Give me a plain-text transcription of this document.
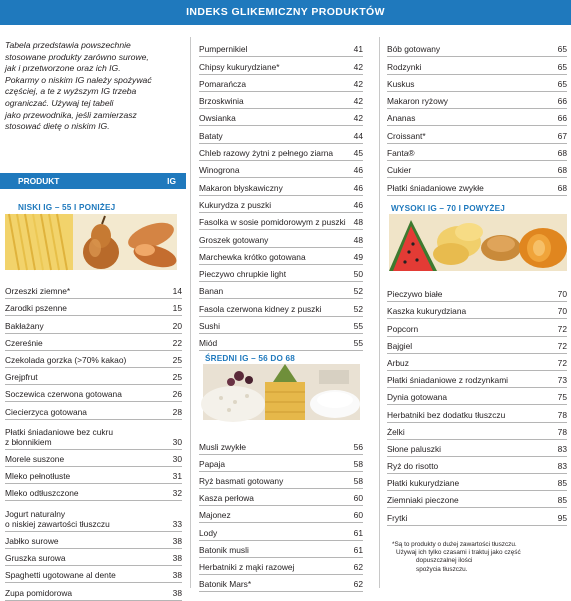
INDEKS GLIKEMICZNY PRODUKTÓW
Tabela przedstawia powszechnie
stosowane produkty zarówno surowe,
jak i przetworzone oraz ich IG.
Pokarmy o niskim IG należy spożywać
częściej, a te z wyższym IG trzeba
ograniczać. Używaj tej tabeli
jako przewodnika, jeśli zamierzasz
stosować dietę o niskim IG.
PRODUKT	IG
NISKI IG – 55 I PONIŻEJ
Orzeszki ziemne*	14
Zarodki pszenne	15
Bakłażany	20
Czereśnie	22
Czekolada gorzka (>70% kakao)	25
Grejpfrut	25
Soczewica czerwona gotowana	26
Ciecierzyca gotowana	28
Płatki śniadaniowe bez cukru
z błonnikiem	30
Morele suszone	30
Mleko pełnotłuste	31
Mleko odtłuszczone	32
Jogurt naturalny
o niskiej zawartości tłuszczu	33
Jabłko surowe	38
Gruszka surowa	38
Spaghetti ugotowane al dente	38
Zupa pomidorowa	38
Pumpernikiel	41
Chipsy kukurydziane*	42
Pomarańcza	42
Brzoskwinia	42
Owsianka	42
Bataty	44
Chleb razowy żytni z pełnego ziarna	45
Winogrona	46
Makaron błyskawiczny	46
Kukurydza z puszki	46
Fasolka w sosie pomidorowym z puszki 48
Groszek gotowany	48
Marchewka krótko gotowana	49
Pieczywo chrupkie light	50
Banan	52
Fasola czerwona kidney z puszki	52
Sushi	55
Miód	55
ŚREDNI IG – 56 DO 68
Musli zwykłe	56
Papaja	58
Ryż basmati gotowany	58
Kasza perłowa	60
Majonez	60
Lody	61
Batonik musli	61
Herbatniki z mąki razowej	62
Batonik Mars*	62
Bób gotowany	65
Rodzynki	65
Kuskus	65
Makaron ryżowy	66
Ananas	66
Croissant*	67
Fanta®	68
Cukier	68
Płatki śniadaniowe zwykłe	68
WYSOKI IG – 70 I POWYŻEJ
Pieczywo białe	70
Kaszka kukurydziana	70
Popcorn	72
Bajgiel	72
Arbuz	72
Płatki śniadaniowe z rodzynkami	73
Dynia gotowana	75
Herbatniki bez dodatku tłuszczu	78
Żelki	78
Słone paluszki	83
Ryż do risotto	83
Płatki kukurydziane	85
Ziemniaki pieczone	85
Frytki	95
*Są to produkty o dużej zawartości tłuszczu.
Używaj ich tylko czasami i traktuj jako część
dopuszczalnej ilości
spożycia tłuszczu.
